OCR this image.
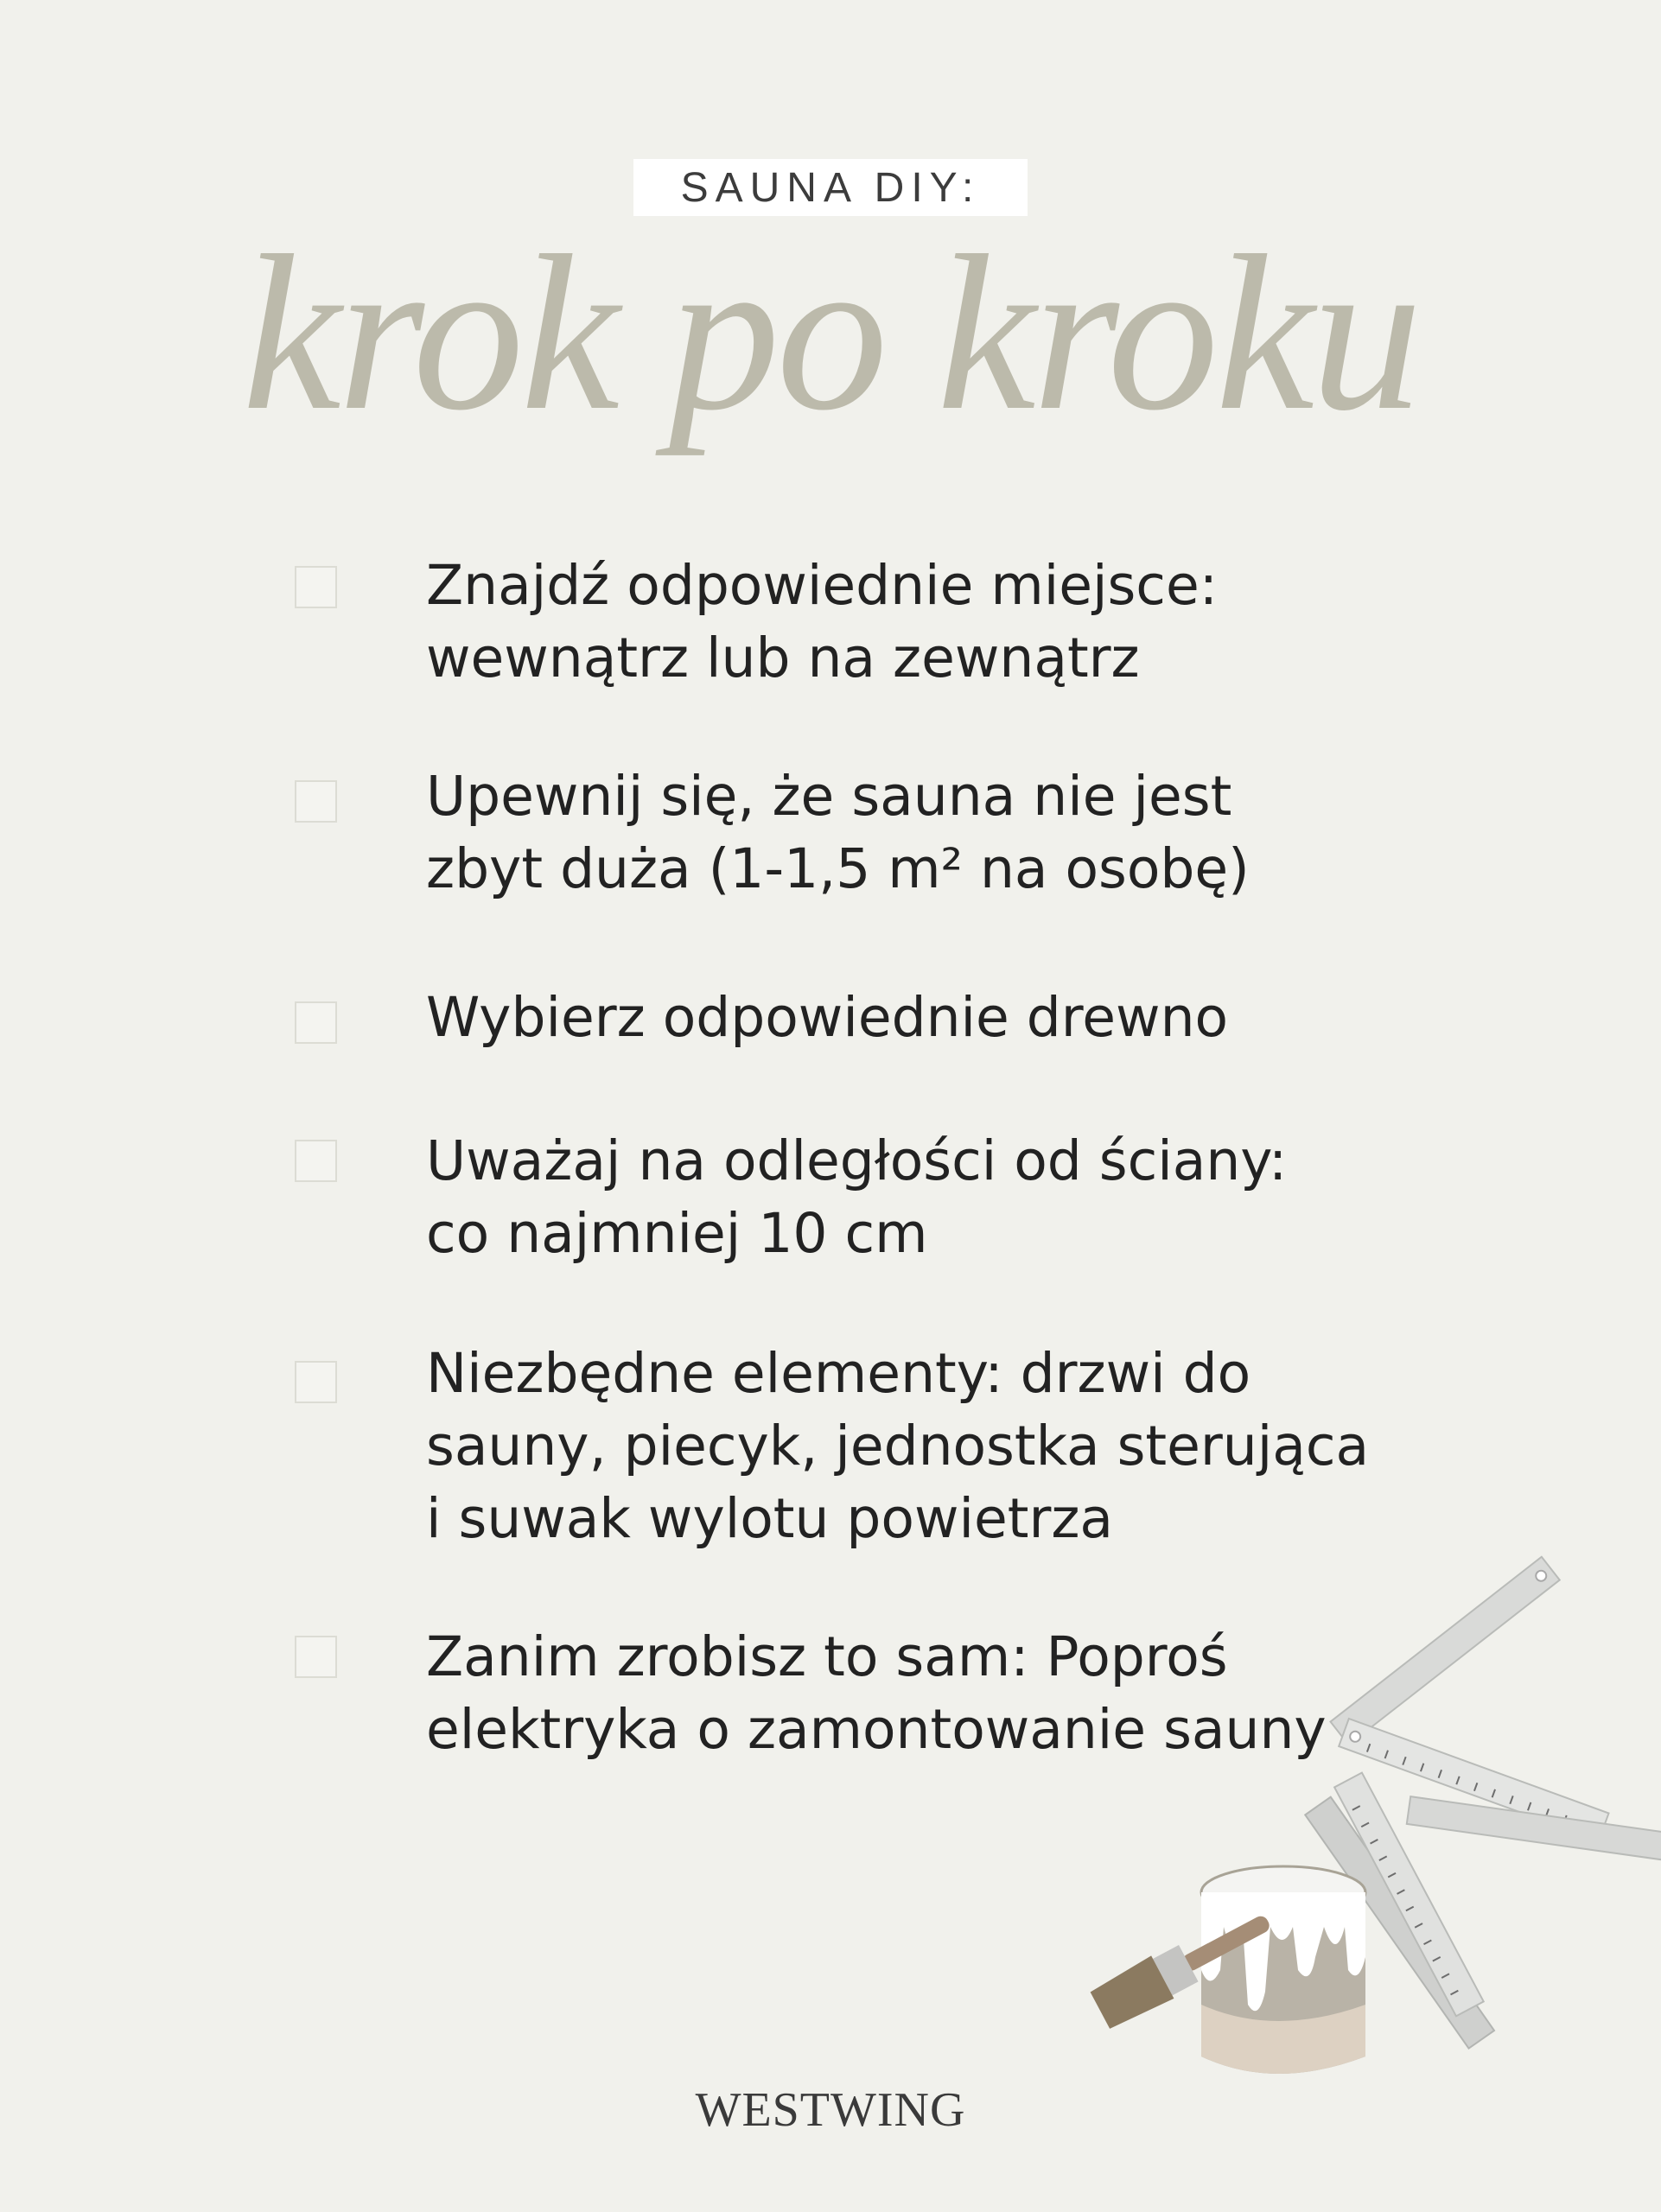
SAUNA DIY:
krok po kroku
Znajdź odpowiednie miejsce:
wewnątrz lub na zewnątrz
Upewnij się, że sauna nie jest
zbyt duża (1-1,5 m² na osobę)
Wybierz odpowiednie drewno
Uważaj na odległości od ściany:
co najmniej 10 cm
Niezbędne elementy: drzwi do
sauny, piecyk, jednostka sterująca
i suwak wylotu powietrza
Zanim zrobisz to sam: Poproś
elektryka o zamontowanie sauny
WESTWING
